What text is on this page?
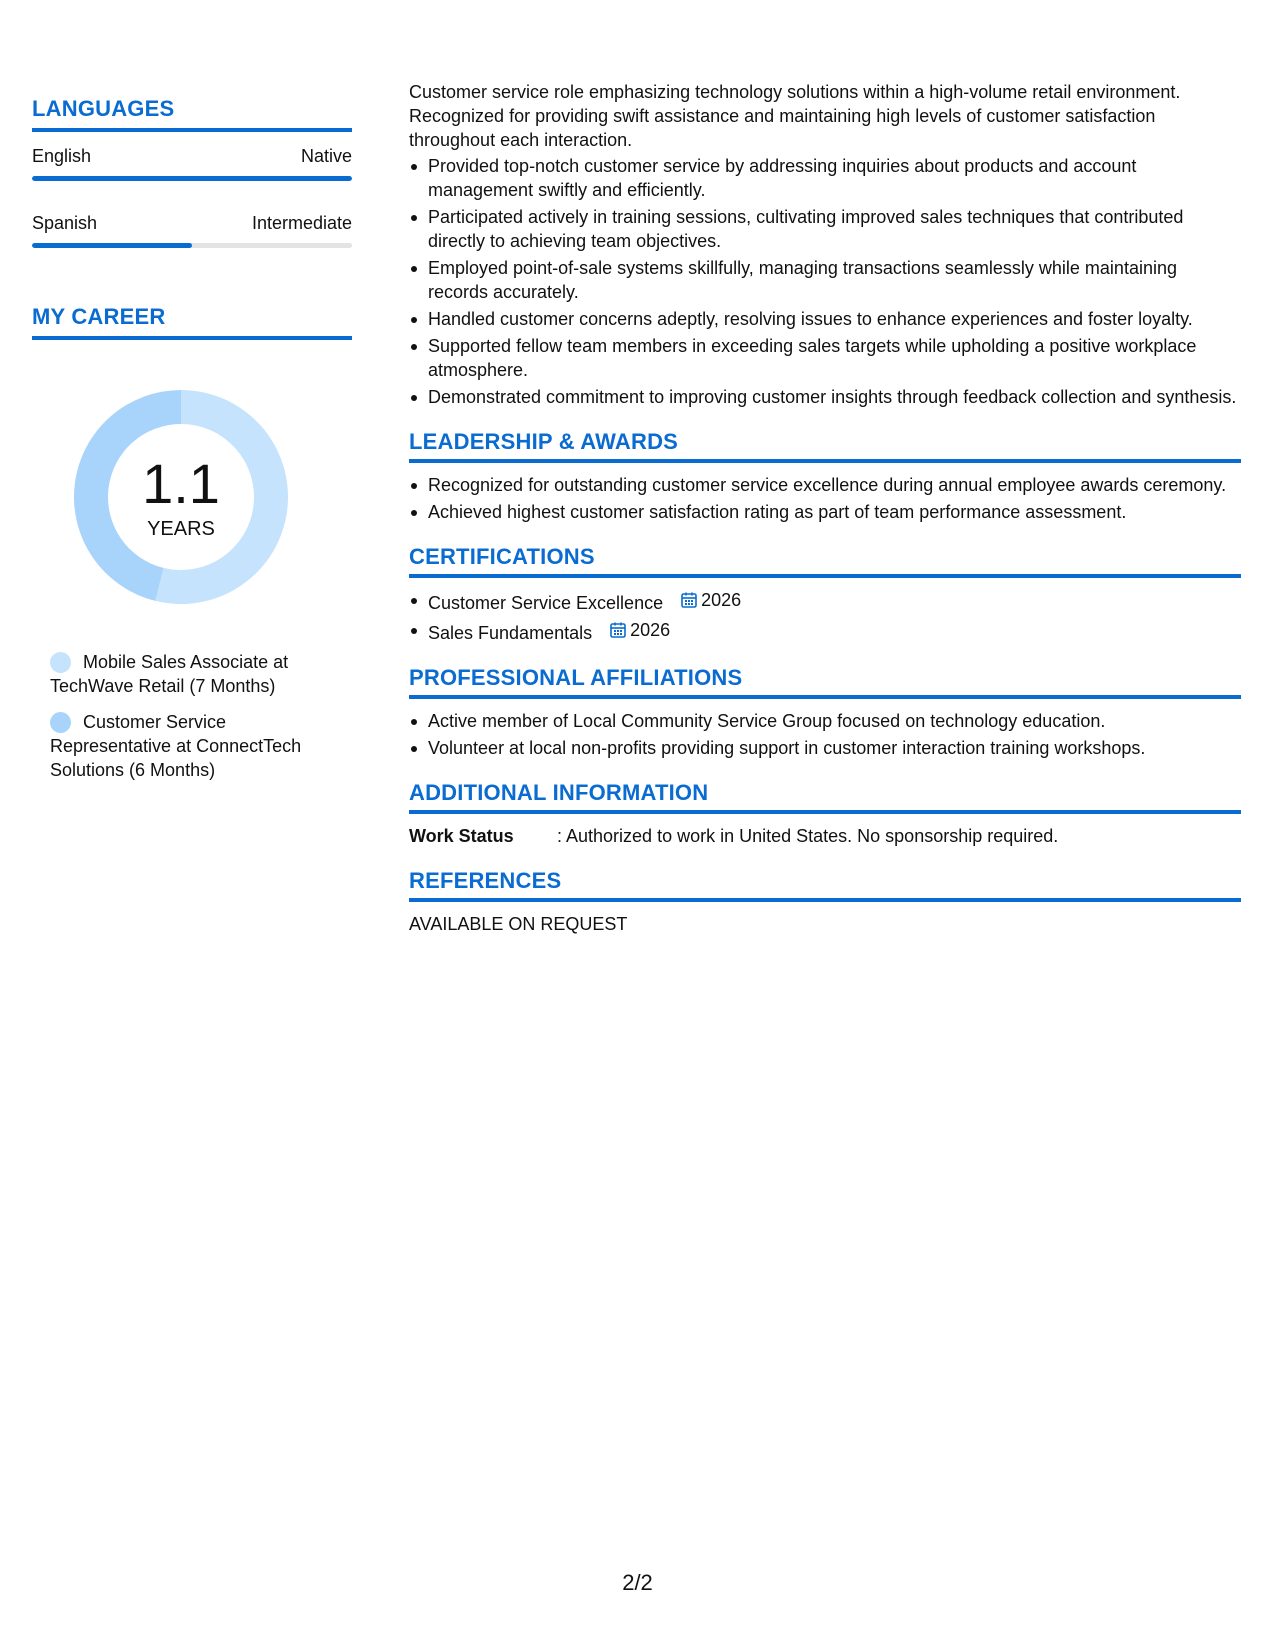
LANGUAGES
English	Native
Spanish	Intermediate
MY CAREER
1.1
YEARS
Mobile Sales Associate at TechWave Retail (7 Months)
Customer Service Representative at ConnectTech Solutions (6 Months)
Customer service role emphasizing technology solutions within a high-volume retail environment. Recognized for providing swift assistance and maintaining high levels of customer satisfaction throughout each interaction.
Provided top-notch customer service by addressing inquiries about products and account management swiftly and efficiently.
Participated actively in training sessions, cultivating improved sales techniques that contributed directly to achieving team objectives.
Employed point-of-sale systems skillfully, managing transactions seamlessly while maintaining records accurately.
Handled customer concerns adeptly, resolving issues to enhance experiences and foster loyalty.
Supported fellow team members in exceeding sales targets while upholding a positive workplace atmosphere.
Demonstrated commitment to improving customer insights through feedback collection and synthesis.
LEADERSHIP & AWARDS
Recognized for outstanding customer service excellence during annual employee awards ceremony.
Achieved highest customer satisfaction rating as part of team performance assessment.
CERTIFICATIONS
Customer Service Excellence 2026
Sales Fundamentals 2026
PROFESSIONAL AFFILIATIONS
Active member of Local Community Service Group focused on technology education.
Volunteer at local non-profits providing support in customer interaction training workshops.
ADDITIONAL INFORMATION
Work Status	: Authorized to work in United States. No sponsorship required.
REFERENCES
AVAILABLE ON REQUEST
2/2
